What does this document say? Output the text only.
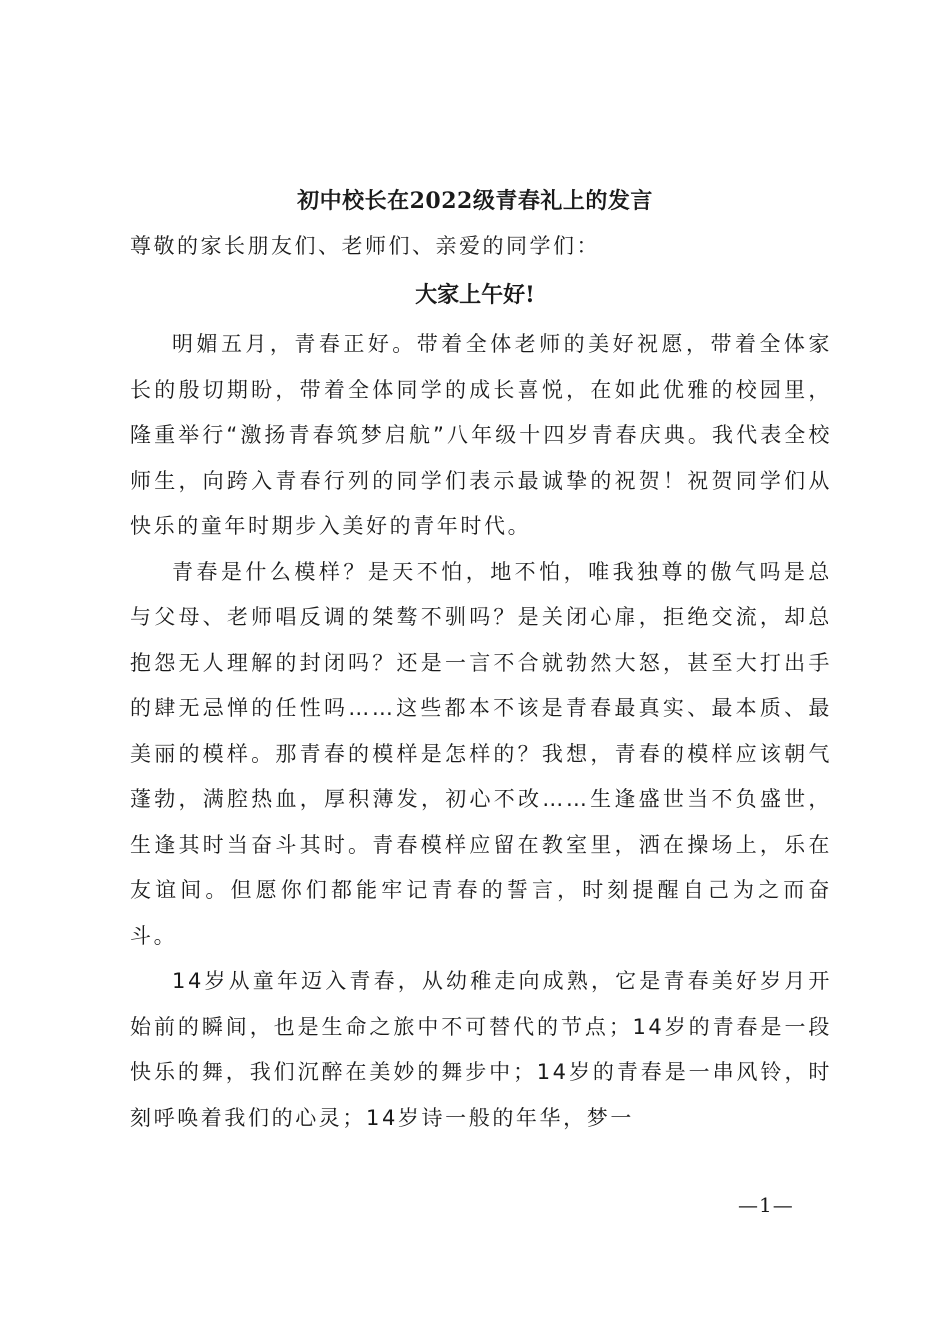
初中校长在2022级青春礼上的发言
尊敬的家长朋友们、老师们、亲爱的同学们：
大家上午好!

明媚五月，青春正好。带着全体老师的美好祝愿，带着全体家长的殷切期盼，带着全体同学的成长喜悦，在如此优雅的校园里，隆重举行“激扬青春筑梦启航”八年级十四岁青春庆典。我代表全校师生，向跨入青春行列的同学们表示最诚挚的祝贺！祝贺同学们从快乐的童年时期步入美好的青年时代。

青春是什么模样？是天不怕，地不怕，唯我独尊的傲气吗是总与父母、老师唱反调的桀骜不驯吗？是关闭心扉，拒绝交流，却总抱怨无人理解的封闭吗？还是一言不合就勃然大怒，甚至大打出手的肆无忌惮的任性吗……这些都本不该是青春最真实、最本质、最美丽的模样。那青春的模样是怎样的？我想，青春的模样应该朝气蓬勃，满腔热血，厚积薄发，初心不改……生逢盛世当不负盛世，生逢其时当奋斗其时。青春模样应留在教室里，洒在操场上，乐在友谊间。但愿你们都能牢记青春的誓言，时刻提醒自己为之而奋斗。

14岁从童年迈入青春，从幼稚走向成熟，它是青春美好岁月开始前的瞬间，也是生命之旅中不可替代的节点；14岁的青春是一段快乐的舞，我们沉醉在美妙的舞步中；14岁的青春是一串风铃，时刻呼唤着我们的心灵；14岁诗一般的年华，梦一

—1—
